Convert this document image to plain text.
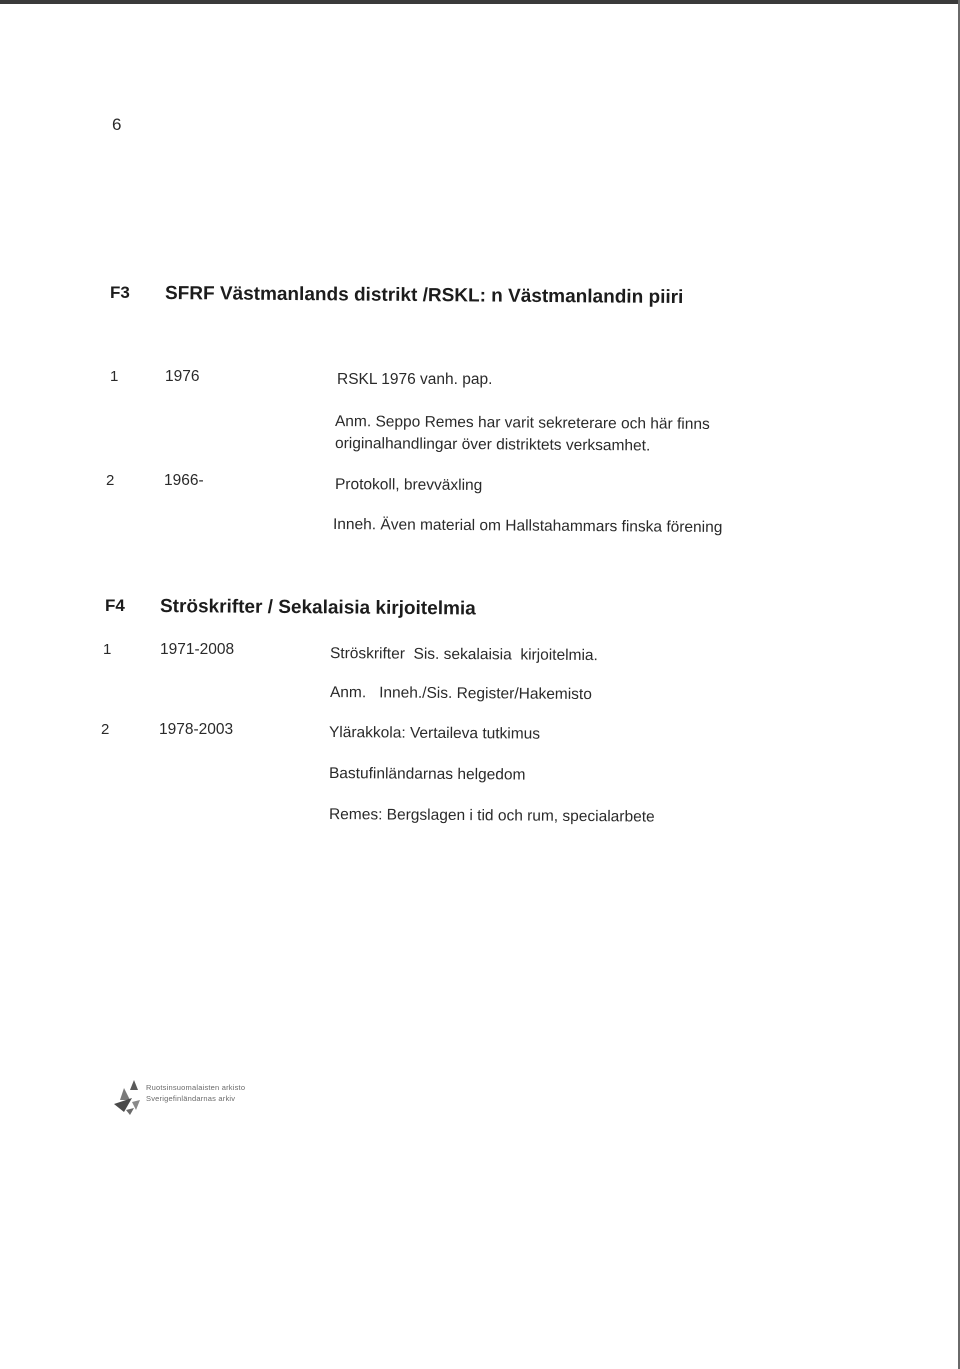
6
F3 SFRF Västmanlands distrikt /RSKL: n Västmanlandin piiri
1	1976	RSKL 1976 vanh. pap.
Anm. Seppo Remes har varit sekreterare och här finns
originalhandlingar över distriktets verksamhet.
2	1966-	Protokoll, brevväxling
Inneh. Även material om Hallstahammars finska förening
F4 Ströskrifter / Sekalaisia kirjoitelmia
1	1971-2008	Ströskrifter  Sis. sekalaisia  kirjoitelmia.
Anm.   Inneh./Sis. Register/Hakemisto
2	1978-2003	Ylärakkola: Vertaileva tutkimus
Bastufinländarnas helgedom
Remes: Bergslagen i tid och rum, specialarbete
Ruotsinsuomalaisten arkisto
Sverigefinländarnas arkiv
